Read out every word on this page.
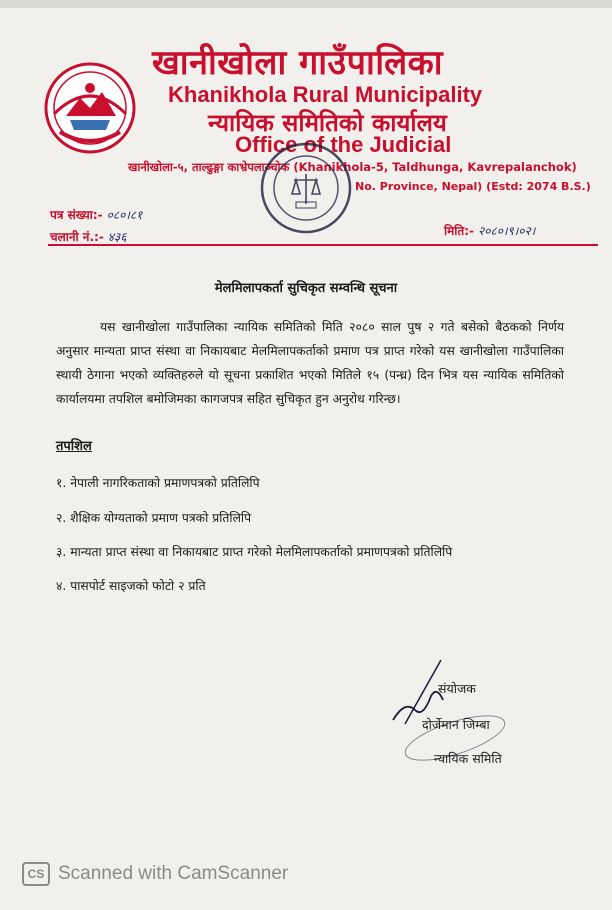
खानीखोला गाउँपालिका
Khanikhola Rural Municipality
न्यायिक समितिको कार्यालय
Office of the Judicial
खानीखोला-५, ताल्ढुङ्गा काभ्रेपलाञ्चोक (Khanikhola-5, Taldhunga, Kavrepalanchok)
No. Province, Nepal) (Estd: 2074 B.S.)
पत्र संख्या:- ०८०।८१
चलानी नं.:- ४३६	मिति:- २०८०।९।०२।
मेलमिलापकर्ता सुचिकृत सम्वन्धि सूचना
यस खानीखोला गाउँपालिका न्यायिक समितिको मिति २०८० साल पुष २ गते बसेको बैठकको निर्णय अनुसार मान्यता प्राप्त संस्था वा निकायबाट मेलमिलापकर्ताको प्रमाण पत्र प्राप्त गरेको यस खानीखोला गाउँपालिका स्थायी ठेगाना भएको व्यक्तिहरुले यो सूचना प्रकाशित भएको मितिले १५ (पन्ध्र) दिन भित्र यस न्यायिक समितिको कार्यालयमा तपशिल बमोजिमका कागजपत्र सहित सुचिकृत हुन अनुरोध गरिन्छ।
तपशिल
१. नेपाली नागरिकताको प्रमाणपत्रको प्रतिलिपि
२. शैक्षिक योग्यताको प्रमाण पत्रको प्रतिलिपि
३. मान्यता प्राप्त संस्था वा निकायबाट प्राप्त गरेको मेलमिलापकर्ताको प्रमाणपत्रको प्रतिलिपि
४. पासपोर्ट साइजको फोटो २ प्रति
संयोजक
दोर्जेमान जिम्बा
न्यायिक समिति
CS Scanned with CamScanner
